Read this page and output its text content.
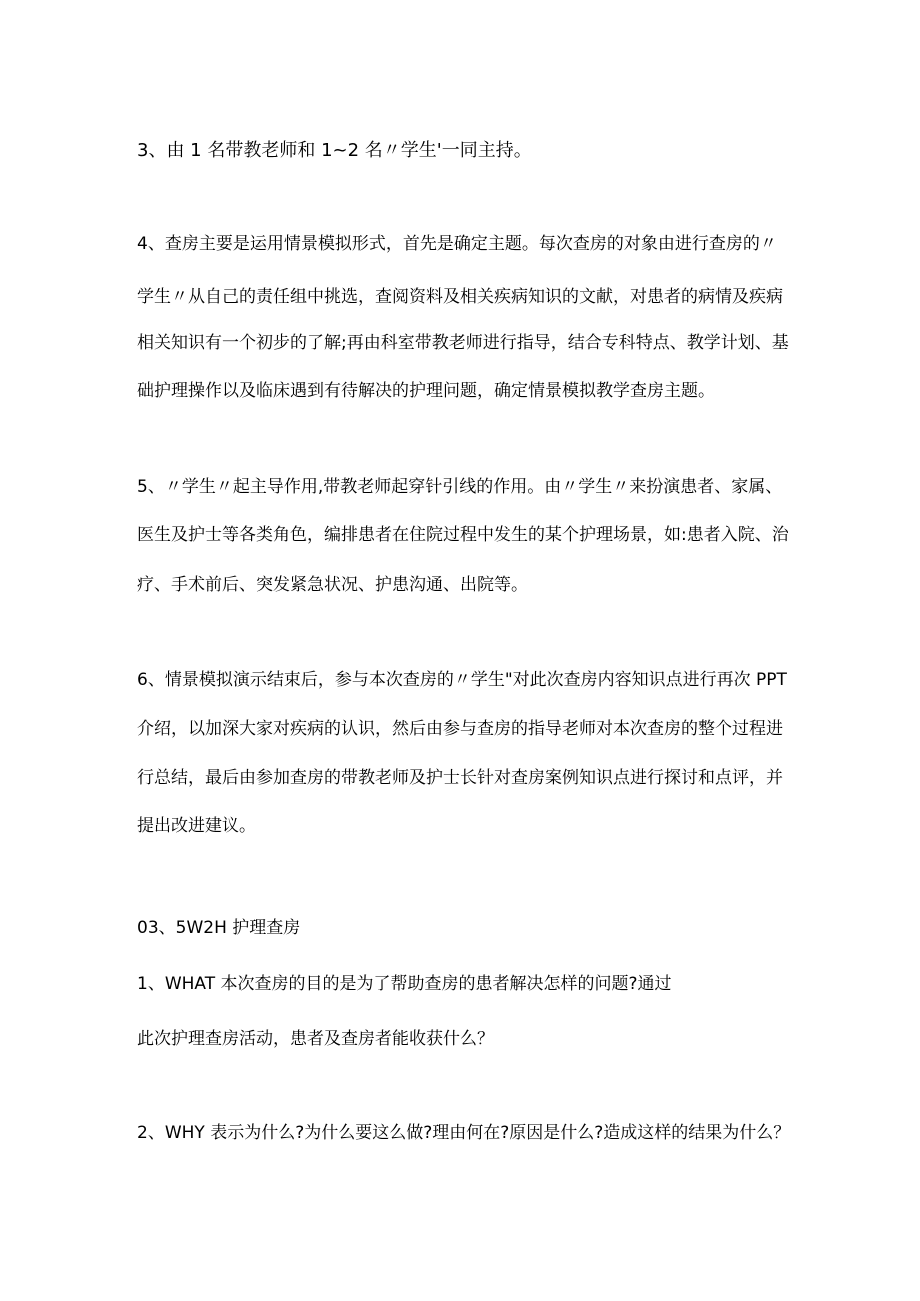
3、由 1 名带教老师和 1~2 名〃学生'一同主持。
4、查房主要是运用情景模拟形式，首先是确定主题。每次查房的对象由进行查房的〃
学生〃从自己的责任组中挑选，查阅资料及相关疾病知识的文献，对患者的病情及疾病
相关知识有一个初步的了解;再由科室带教老师进行指导，结合专科特点、教学计划、基
础护理操作以及临床遇到有待解决的护理问题，确定情景模拟教学查房主题。
5、〃学生〃起主导作用,带教老师起穿针引线的作用。由〃学生〃来扮演患者、家属、
医生及护士等各类角色，编排患者在住院过程中发生的某个护理场景，如:患者入院、治
疗、手术前后、突发紧急状况、护患沟通、出院等。
6、情景模拟演示结束后，参与本次查房的〃学生"对此次查房内容知识点进行再次 PPT
介绍，以加深大家对疾病的认识，然后由参与查房的指导老师对本次查房的整个过程进
行总结，最后由参加查房的带教老师及护士长针对查房案例知识点进行探讨和点评，并
提出改进建议。
03、5W2H 护理查房
1、WHAT 本次查房的目的是为了帮助查房的患者解决怎样的问题?通过
此次护理查房活动，患者及查房者能收获什么？
2、WHY 表示为什么?为什么要这么做?理由何在?原因是什么?造成这样的结果为什么？
